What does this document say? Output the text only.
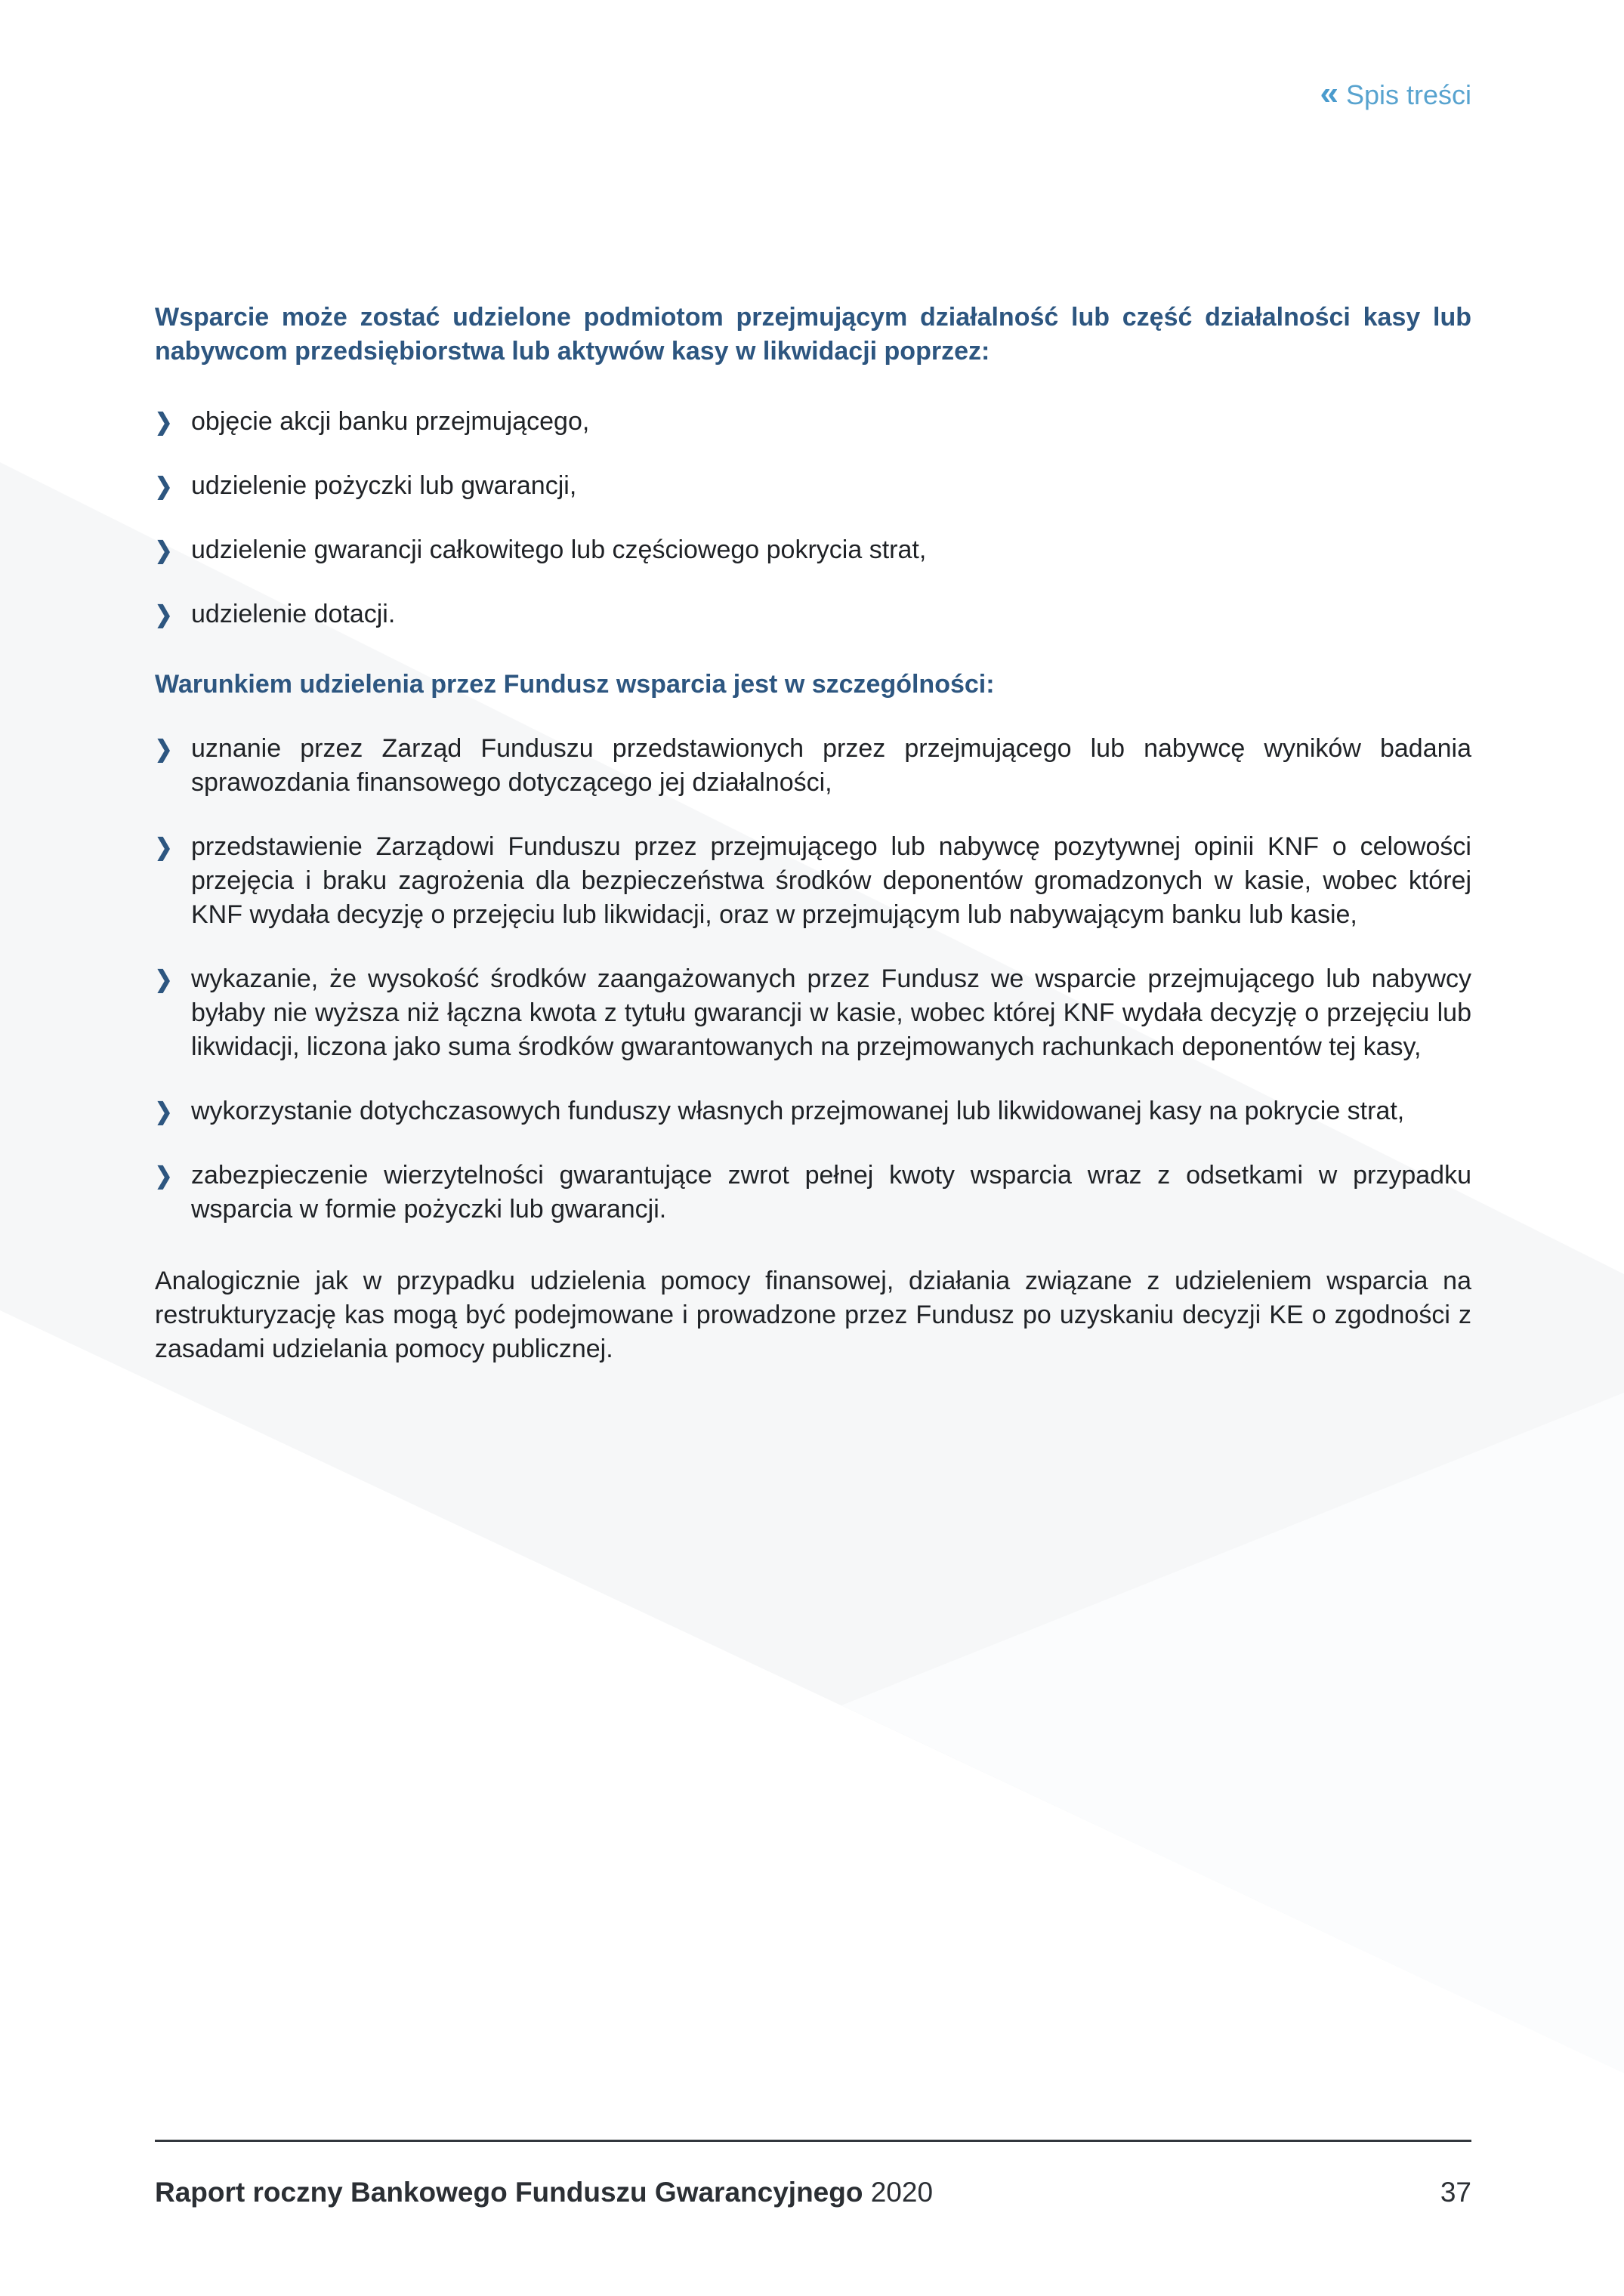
« Spis treści

Wsparcie może zostać udzielone podmiotom przejmującym działalność lub część działalności kasy lub nabywcom przedsiębiorstwa lub aktywów kasy w likwidacji poprzez:

❯ objęcie akcji banku przejmującego,
❯ udzielenie pożyczki lub gwarancji,
❯ udzielenie gwarancji całkowitego lub częściowego pokrycia strat,
❯ udzielenie dotacji.

Warunkiem udzielenia przez Fundusz wsparcia jest w szczególności:

❯ uznanie przez Zarząd Funduszu przedstawionych przez przejmującego lub nabywcę wyników badania sprawozdania finansowego dotyczącego jej działalności,
❯ przedstawienie Zarządowi Funduszu przez przejmującego lub nabywcę pozytywnej opinii KNF o celowości przejęcia i braku zagrożenia dla bezpieczeństwa środków deponentów gromadzonych w kasie, wobec której KNF wydała decyzję o przejęciu lub likwidacji, oraz w przejmującym lub nabywającym banku lub kasie,
❯ wykazanie, że wysokość środków zaangażowanych przez Fundusz we wsparcie przejmującego lub nabywcy byłaby nie wyższa niż łączna kwota z tytułu gwarancji w kasie, wobec której KNF wydała decyzję o przejęciu lub likwidacji, liczona jako suma środków gwarantowanych na przejmowanych rachunkach deponentów tej kasy,
❯ wykorzystanie dotychczasowych funduszy własnych przejmowanej lub likwidowanej kasy na pokrycie strat,
❯ zabezpieczenie wierzytelności gwarantujące zwrot pełnej kwoty wsparcia wraz z odsetkami w przypadku wsparcia w formie pożyczki lub gwarancji.

Analogicznie jak w przypadku udzielenia pomocy finansowej, działania związane z udzieleniem wsparcia na restrukturyzację kas mogą być podejmowane i prowadzone przez Fundusz po uzyskaniu decyzji KE o zgodności z zasadami udzielania pomocy publicznej.

Raport roczny Bankowego Funduszu Gwarancyjnego 2020	37
